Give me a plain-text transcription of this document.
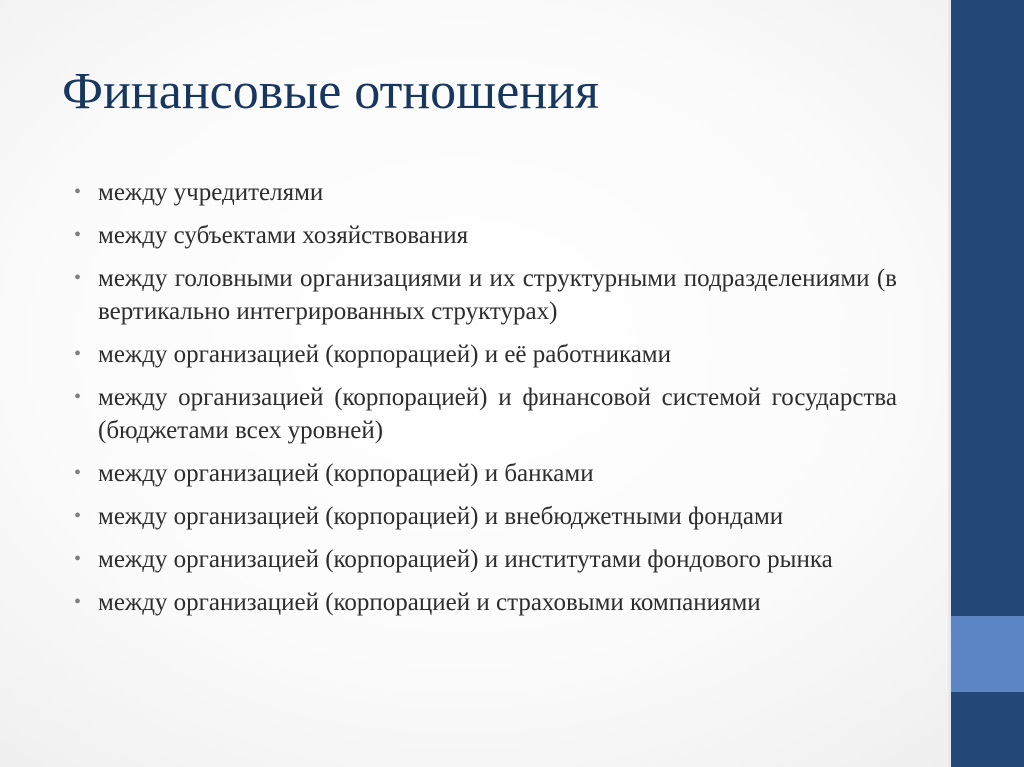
Финансовые отношения
• между учредителями
• между субъектами хозяйствования
• между головными организациями и их структурными подразделениями (в вертикально интегрированных структурах)
• между организацией (корпорацией) и её работниками
• между организацией (корпорацией) и финансовой системой государства (бюджетами всех уровней)
• между организацией (корпорацией) и банками
• между организацией (корпорацией) и внебюджетными фондами
• между организацией (корпорацией) и институтами фондового рынка
• между организацией (корпорацией и страховыми компаниями
